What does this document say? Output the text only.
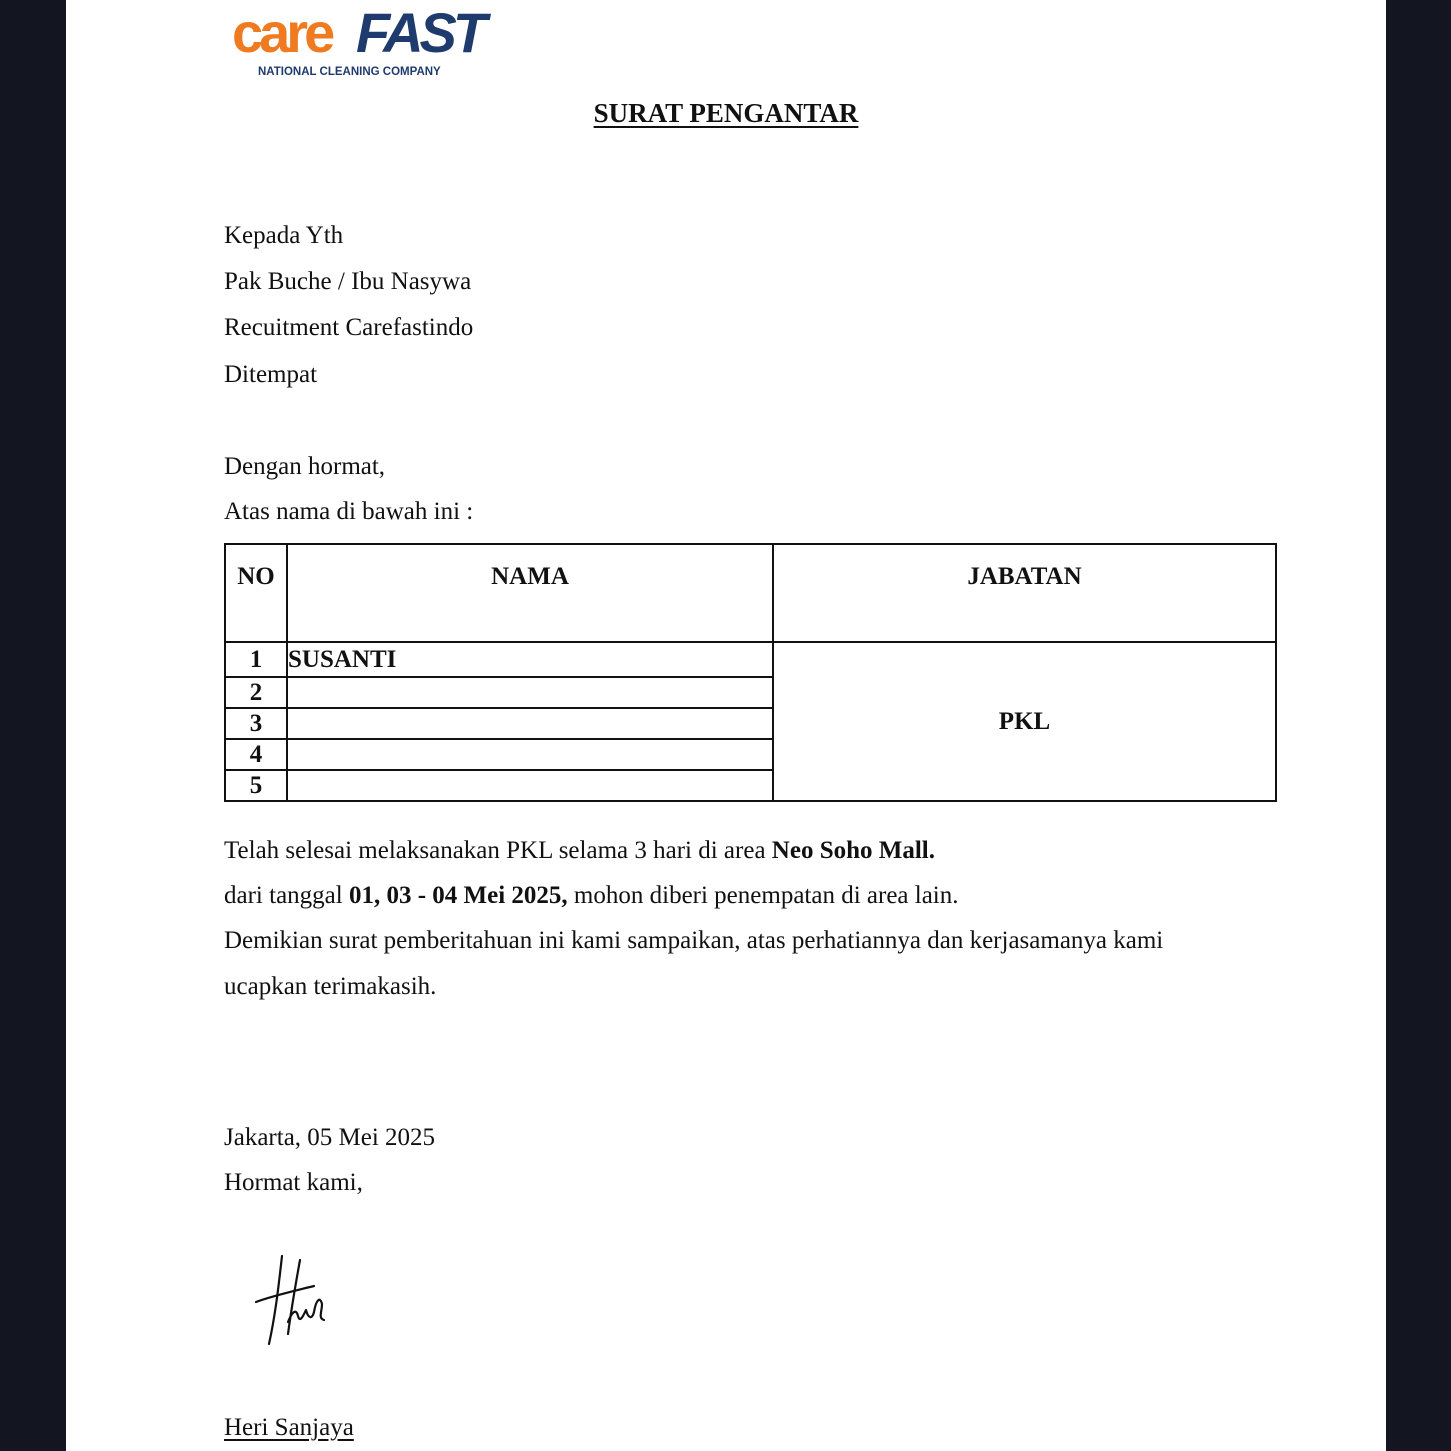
care FAST
NATIONAL CLEANING COMPANY
SURAT PENGANTAR
Kepada Yth
Pak Buche / Ibu Nasywa
Recuitment Carefastindo
Ditempat
Dengan hormat,
Atas nama di bawah ini :
NO	NAMA	JABATAN
1	SUSANTI	PKL
2		
3		
4		
5		
Telah selesai melaksanakan PKL selama 3 hari di area Neo Soho Mall.
dari tanggal 01, 03 - 04 Mei 2025, mohon diberi penempatan di area lain.
Demikian surat pemberitahuan ini kami sampaikan, atas perhatiannya dan kerjasamanya kami
ucapkan terimakasih.
Jakarta, 05 Mei 2025
Hormat kami,
Heri Sanjaya
